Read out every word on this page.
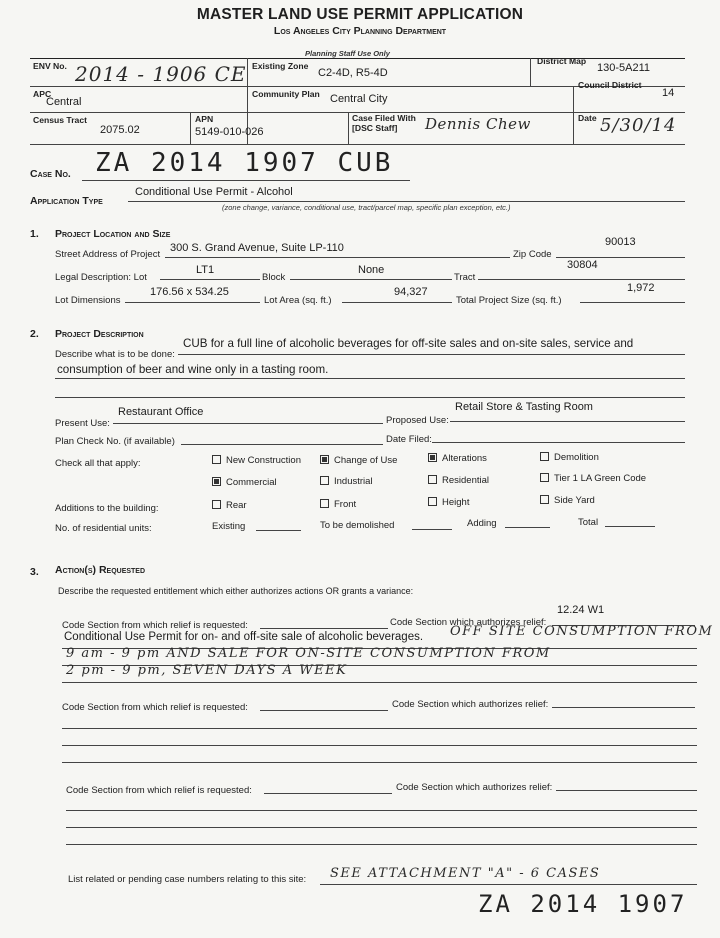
MASTER LAND USE PERMIT APPLICATION
Los Angeles City Planning Department
Planning Staff Use Only
ENV No. 2014 - 1906 CE Existing Zone
C2-4D, R5-4D
District Map
130-5A211
APC
Central
Community Plan Central City
Council District
14
Census Tract
2075.02
APN
5149-010-026
Case Filed With
[DSC Staff] Dennis Chew	Date 5/30/14
Case No. ZA 2014 1907 CUB
Application Type
Conditional Use Permit - Alcohol
(zone change, variance, conditional use, tract/parcel map, specific plan exception, etc.)
1. Project Location and Size
Street Address of Project
300 S. Grand Avenue, Suite LP-110
Zip Code
90013
Legal Description: Lot
LT1
Block
None
Tract
30804
Lot Dimensions
176.56 x 534.25
Lot Area (sq. ft.)
94,327
Total Project Size (sq. ft.)
1,972
2. Project Description
Describe what is to be done:
CUB for a full line of alcoholic beverages for off-site sales and on-site sales, service and
consumption of beer and wine only in a tasting room.
Present Use:
Restaurant Office
Proposed Use:
Retail Store & Tasting Room
Plan Check No. (if available)	Date Filed:
Check all that apply:	New Construction	Change of Use	Alterations	Demolition
Commercial	Industrial	Residential	Tier 1 LA Green Code
Additions to the building:	Rear	Front	Height	Side Yard
No. of residential units:	Existing	To be demolished	Adding	Total
3. Action(s) Requested
Describe the requested entitlement which either authorizes actions OR grants a variance:
Code Section from which relief is requested:	Code Section which authorizes relief:
12.24 W1
Conditional Use Permit for on- and off-site sale of alcoholic beverages. OFF SITE CONSUMPTION FROM
9 am - 9 pm AND SALE FOR ON-SITE CONSUMPTION FROM
2 pm - 9 pm, SEVEN DAYS A WEEK
Code Section from which relief is requested:	Code Section which authorizes relief:
Code Section from which relief is requested:	Code Section which authorizes relief:
List related or pending case numbers relating to this site: SEE ATTACHMENT "A" - 6 CASES
ZA 2014 1907
